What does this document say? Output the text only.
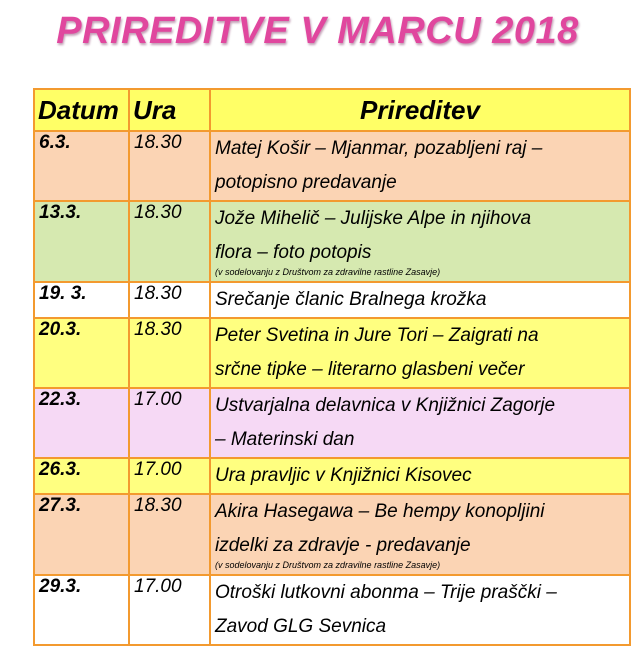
PRIREDITVE V MARCU 2018
Datum	Ura	Prireditev
6.3.	18.30	Matej Košir – Mjanmar, pozabljeni raj –
potopisno predavanje

13.3.	18.30	Jože Mihelič – Julijske Alpe in njihova
flora – foto potopis
(v sodelovanju z Društvom za zdravilne rastline Zasavje)

19. 3.	18.30	Srečanje članic Bralnega krožka

20.3.	18.30	Peter Svetina in Jure Tori – Zaigrati na
srčne tipke – literarno glasbeni večer

22.3.	17.00	Ustvarjalna delavnica v Knjižnici Zagorje
– Materinski dan

26.3.	17.00	Ura pravljic v Knjižnici Kisovec

27.3.	18.30	Akira Hasegawa – Be hempy konopljini
izdelki za zdravje - predavanje
(v sodelovanju z Društvom za zdravilne rastline Zasavje)

29.3.	17.00	Otroški lutkovni abonma – Trije praščki –
Zavod GLG Sevnica
